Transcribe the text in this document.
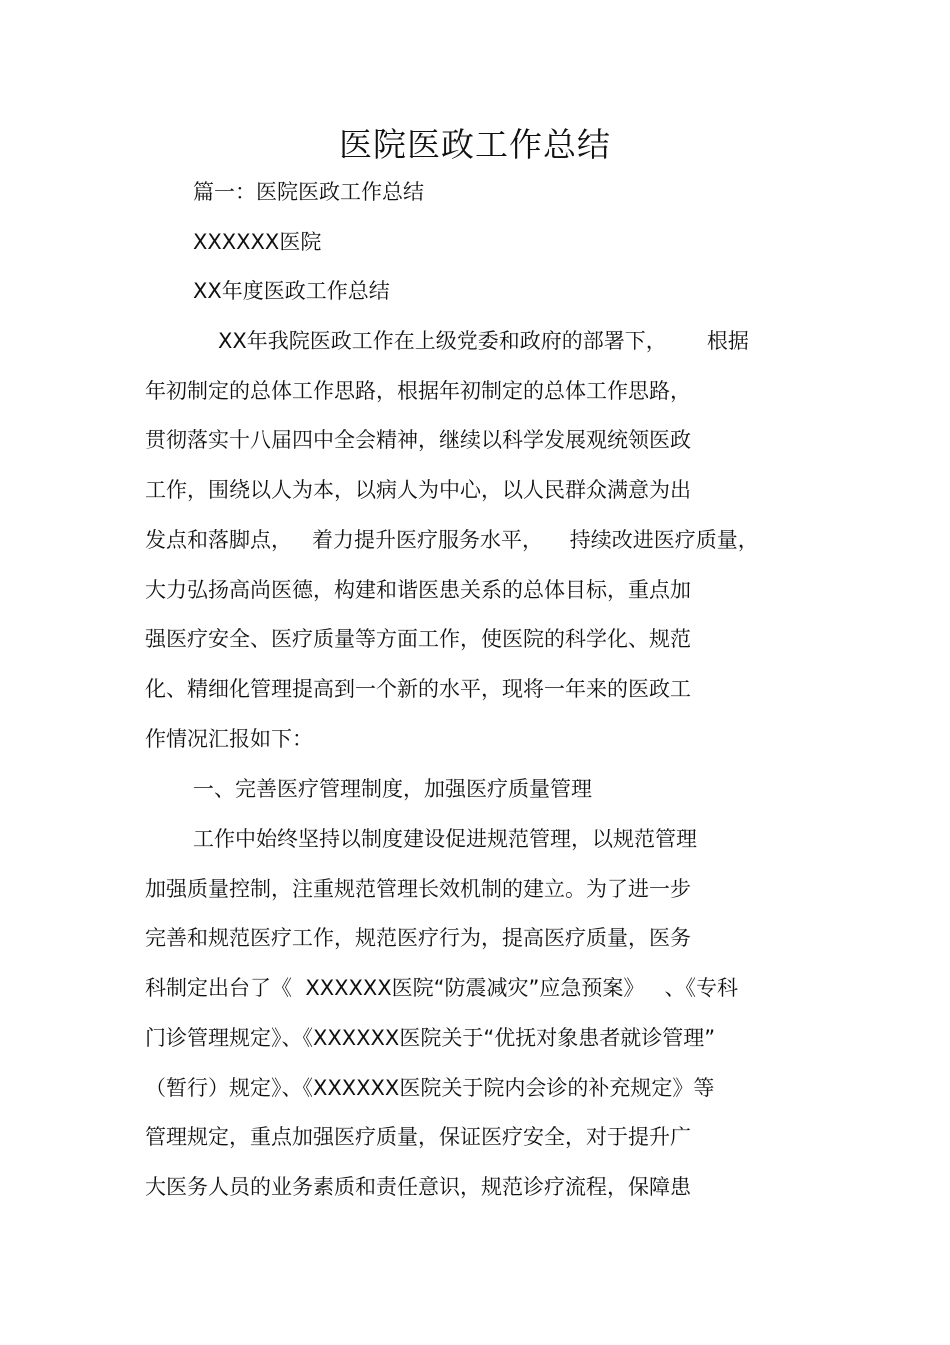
医院医政工作总结
篇一：医院医政工作总结
XXXXXX医院
XX年度医政工作总结
XX年我院医政工作在上级党委和政府的部署下，      根据
年初制定的总体工作思路，根据年初制定的总体工作思路，
贯彻落实十八届四中全会精神，继续以科学发展观统领医政
工作，围绕以人为本，以病人为中心，以人民群众满意为出
发点和落脚点，   着力提升医疗服务水平，    持续改进医疗质量，
大力弘扬高尚医德，构建和谐医患关系的总体目标，重点加
强医疗安全、医疗质量等方面工作，使医院的科学化、规范
化、精细化管理提高到一个新的水平，现将一年来的医政工
作情况汇报如下：
一、完善医疗管理制度，加强医疗质量管理
工作中始终坚持以制度建设促进规范管理，以规范管理
加强质量控制，注重规范管理长效机制的建立。为了进一步
完善和规范医疗工作，规范医疗行为，提高医疗质量，医务
科制定出台了《  XXXXXX医院“防震减灾”应急预案》   、《专科
门诊管理规定》、《XXXXXX医院关于“优抚对象患者就诊管理”
（暂行）规定》、《XXXXXX医院关于院内会诊的补充规定》等
管理规定，重点加强医疗质量，保证医疗安全，对于提升广
大医务人员的业务素质和责任意识，规范诊疗流程，保障患
